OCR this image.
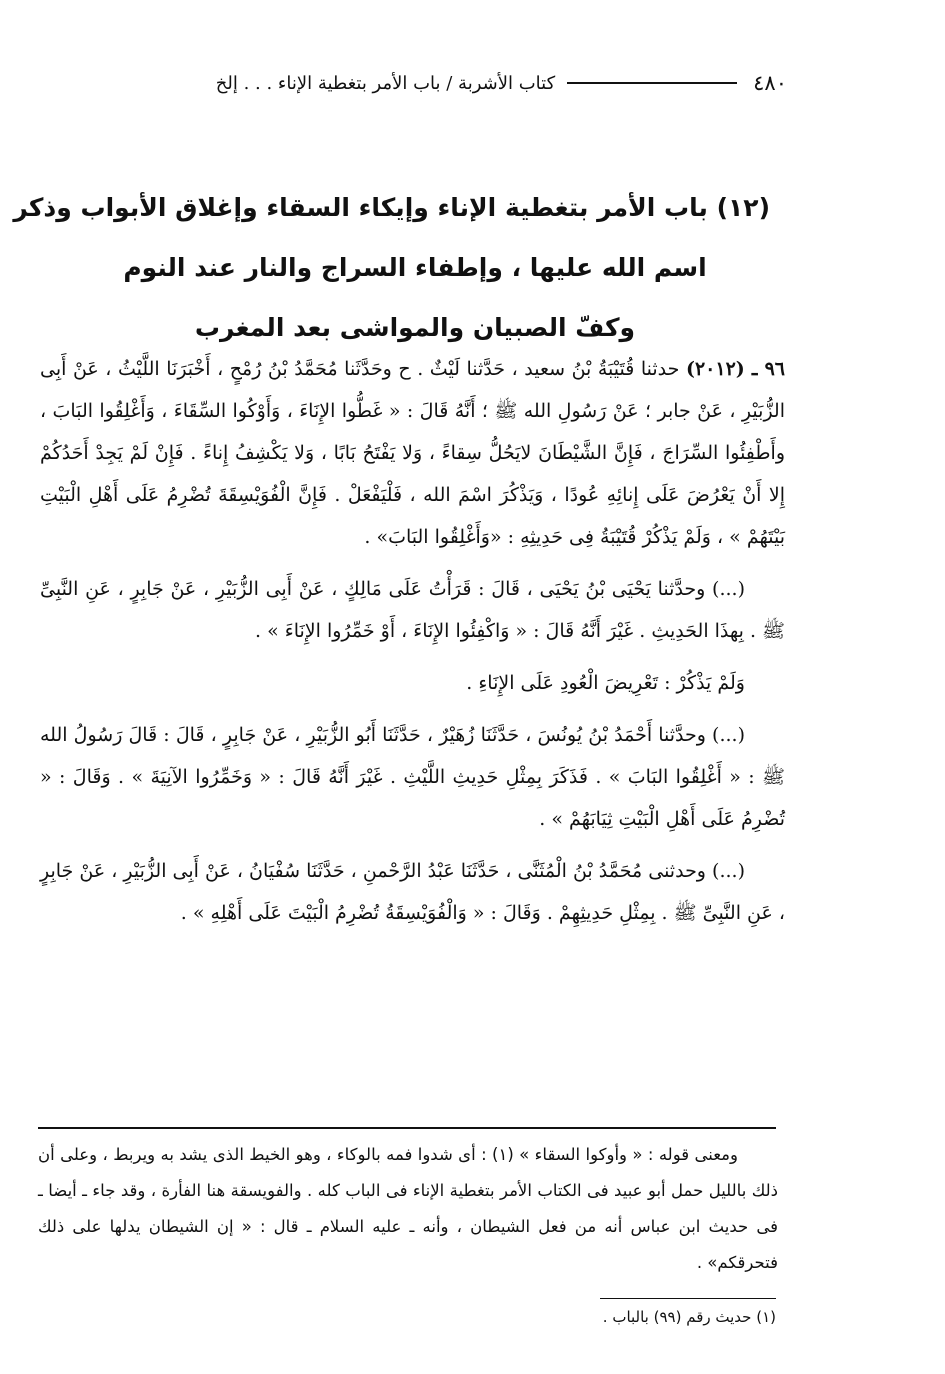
٤٨٠
كتاب الأشربة / باب الأمر بتغطية الإناء . . . إلخ
(١٢) باب الأمر بتغطية الإناء وإيكاء السقاء وإغلاق الأبواب وذكر
اسم الله عليها ، وإطفاء السراج والنار عند النوم
وكفّ الصبيان والمواشى بعد المغرب

٩٦ ـ (٢٠١٢) حدثنا قُتَيْبَةُ بْنُ سعيد ، حَدَّثنا لَيْثٌ . ح وحَدَّثَنا مُحَمَّدُ بْنُ رُمْحٍ ، أَخْبَرَنَا اللَّيْثُ ، عَنْ أَبِى الزُّبَيْرِ ، عَنْ جابر ؛ عَنْ رَسُولِ الله ﷺ ؛ أَنَّهُ قَالَ : « غَطُّوا الإِنَاءَ ، وَأَوْكُوا السِّقَاءَ ، وَأَغْلِقُوا البَابَ ، وأَطْفِئُوا السِّرَاجَ ، فَإِنَّ الشَّيْطَانَ لايَحُلُّ سِقاءً ، وَلا يَفْتَحُ بَابًا ، وَلا يَكْشِفُ إِناءً . فَإِنْ لَمْ يَجِدْ أَحَدُكُمْ إِلا أَنْ يَعْرُضَ عَلَى إِنائِهِ عُودًا ، وَيَذْكُرَ اسْمَ الله ، فَلْيَفْعَلْ . فَإِنَّ الْفُوَيْسِقَةَ تُضْرِمُ عَلَى أَهْلِ الْبَيْتِ بَيْتَهُمْ » ، وَلَمْ يَذْكُرْ قُتَيْبَةُ فِى حَدِيثِهِ : «وَأَغْلِقُوا البَابَ» .

(...) وحدَّثنا يَحْيَى بْنُ يَحْيَى ، قَالَ : قَرَأْتُ عَلَى مَالِكٍ ، عَنْ أَبِى الزُّبَيْرِ ، عَنْ جَابِرٍ ، عَنِ النَّبِىِّ ﷺ . بِهذَا الحَدِيثِ . غَيْرَ أَنَّهُ قَالَ : « وَاكْفِئُوا الإِنَاءَ ، أَوْ خَمِّرُوا الإِنَاءَ » .

وَلَمْ يَذْكُرْ : تَعْرِيضَ الْعُودِ عَلَى الإِنَاءِ .

(...) وحدَّثنا أَحْمَدُ بْنُ يُونُسَ ، حَدَّثَنَا زُهَيْرٌ ، حَدَّثَنَا أَبُو الزُّبَيْرِ ، عَنْ جَابِرٍ ، قَالَ : قَالَ رَسُولُ الله ﷺ : « أَغْلِقُوا البَابَ » . فَذَكَرَ بِمِثْلِ حَدِيثِ اللَّيْثِ . غَيْرَ أَنَّهُ قَالَ : « وَخَمِّرُوا الآنِيَةَ » . وَقَالَ : « تُضْرِمُ عَلَى أَهْلِ الْبَيْتِ ثِيَابَهُمْ » .

(...) وحدثنى مُحَمَّدُ بْنُ الْمُثَنَّى ، حَدَّثَنَا عَبْدُ الرَّحْمنِ ، حَدَّثَنَا سُفْيَانُ ، عَنْ أَبِى الزُّبَيْرِ ، عَنْ جَابِرٍ ، عَنِ النَّبِىِّ ﷺ . بِمِثْلِ حَدِيثِهِمْ . وَقَالَ : « وَالْفُوَيْسِقَةُ تُضْرِمُ الْبَيْتَ عَلَى أَهْلِهِ » .

ومعنى قوله : « وأوكوا السقاء » (١) : أى شدوا فمه بالوكاء ، وهو الخيط الذى يشد به ويربط ، وعلى أن ذلك بالليل حمل أبو عبيد فى الكتاب الأمر بتغطية الإناء فى الباب كله . والفويسقة هنا الفأرة ، وقد جاء ـ أيضا ـ فى حديث ابن عباس أنه من فعل الشيطان ، وأنه ـ عليه السلام ـ قال : « إن الشيطان يدلها على ذلك فتحرقكم» .

(١) حديث رقم (٩٩) بالباب .
